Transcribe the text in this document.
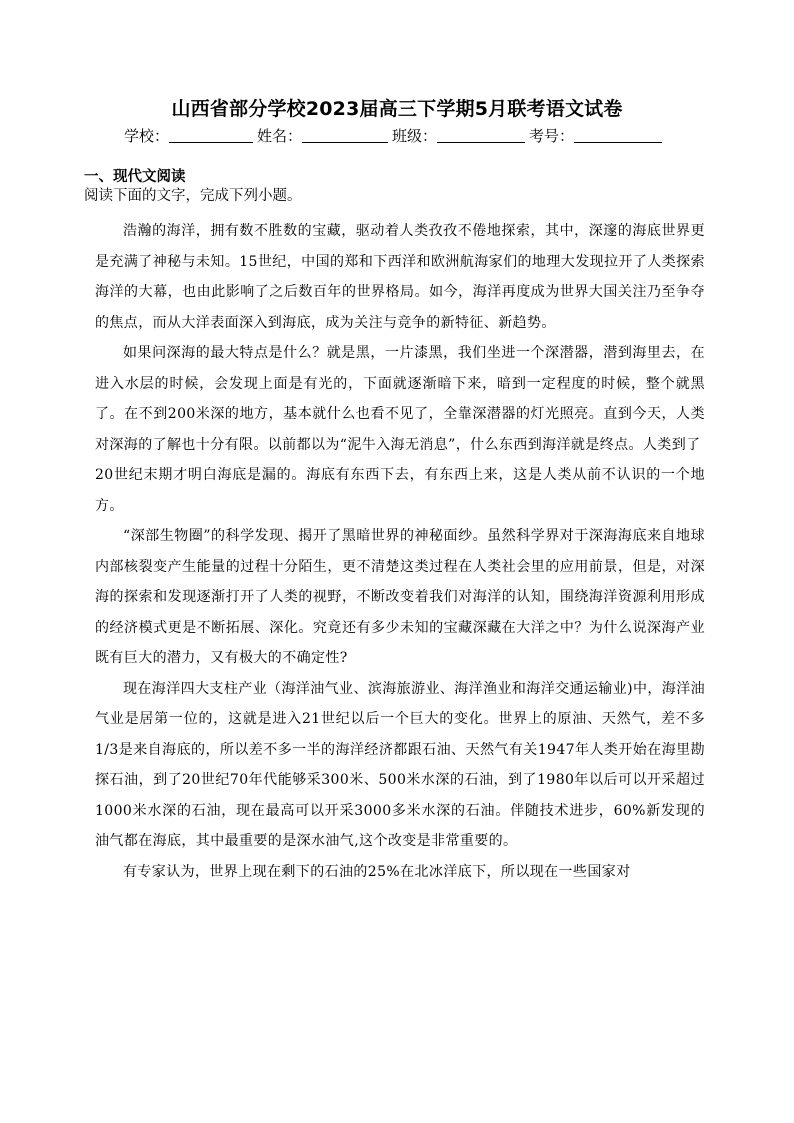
山西省部分学校2023届高三下学期5月联考语文试卷
学校：	姓名：	班级：	考号：
一、现代文阅读
阅读下面的文字，完成下列小题。

浩瀚的海洋，拥有数不胜数的宝藏，驱动着人类孜孜不倦地探索，其中，深邃的海底世界更是充满了神秘与未知。15世纪，中国的郑和下西洋和欧洲航海家们的地理大发现拉开了人类探索海洋的大幕，也由此影响了之后数百年的世界格局。如今，海洋再度成为世界大国关注乃至争夺的焦点，而从大洋表面深入到海底，成为关注与竞争的新特征、新趋势。

如果问深海的最大特点是什么？就是黑，一片漆黑，我们坐进一个深潜器，潜到海里去，在进入水层的时候，会发现上面是有光的，下面就逐渐暗下来，暗到一定程度的时候，整个就黑了。在不到200米深的地方，基本就什么也看不见了，全靠深潜器的灯光照亮。直到今天，人类对深海的了解也十分有限。以前都以为“泥牛入海无消息”，什么东西到海洋就是终点。人类到了

20世纪末期才明白海底是漏的。海底有东西下去，有东西上来，这是人类从前不认识的一个地方。

“深部生物圈”的科学发现、揭开了黑暗世界的神秘面纱。虽然科学界对于深海海底来自地球内部核裂变产生能量的过程十分陌生，更不清楚这类过程在人类社会里的应用前景，但是，对深海的探索和发现逐渐打开了人类的视野，不断改变着我们对海洋的认知，围绕海洋资源利用形成的经济模式更是不断拓展、深化。究竟还有多少未知的宝藏深藏在大洋之中？为什么说深海产业既有巨大的潜力，又有极大的不确定性?

现在海洋四大支柱产业（海洋油气业、滨海旅游业、海洋渔业和海洋交通运输业)中，海洋油气业是居第一位的，这就是进入21世纪以后一个巨大的变化。世界上的原油、天然气，差不多1/3是来自海底的，所以差不多一半的海洋经济都跟石油、天然气有关1947年人类开始在海里勘探石油，到了20世纪70年代能够采300米、500米水深的石油，到了1980年以后可以开采超过1000米水深的石油，现在最高可以开采3000多米水深的石油。伴随技术进步，60%新发现的油气都在海底，其中最重要的是深水油气,这个改变是非常重要的。

有专家认为，世界上现在剩下的石油的25%在北冰洋底下，所以现在一些国家对
